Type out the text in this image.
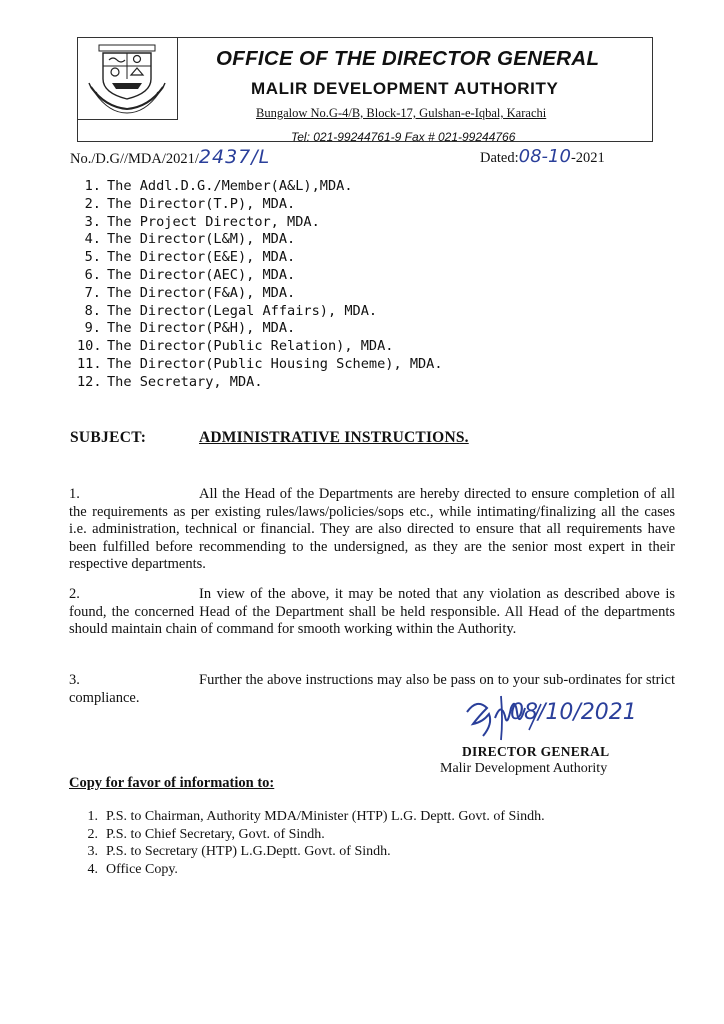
OFFICE OF THE DIRECTOR GENERAL
MALIR DEVELOPMENT AUTHORITY
Bungalow No.G-4/B, Block-17, Gulshan-e-Iqbal, Karachi
Tel: 021-99244761-9 Fax # 021-99244766
No./D.G//MDA/2021/2437/L	Dated:08-10-2021
1. The Addl.D.G./Member(A&L),MDA.
2. The Director(T.P), MDA.
3. The Project Director, MDA.
4. The Director(L&M), MDA.
5. The Director(E&E), MDA.
6. The Director(AEC), MDA.
7. The Director(F&A), MDA.
8. The Director(Legal Affairs), MDA.
9. The Director(P&H), MDA.
10. The Director(Public Relation), MDA.
11. The Director(Public Housing Scheme), MDA.
12. The Secretary, MDA.
SUBJECT:	ADMINISTRATIVE INSTRUCTIONS.
1.	All the Head of the Departments are hereby directed to ensure completion of all the requirements as per existing rules/laws/policies/sops etc., while intimating/finalizing all the cases i.e. administration, technical or financial. They are also directed to ensure that all requirements have been fulfilled before recommending to the undersigned, as they are the senior most expert in their respective departments.
2.	In view of the above, it may be noted that any violation as described above is found, the concerned Head of the Department shall be held responsible. All Head of the departments should maintain chain of command for smooth working within the Authority.
3.	Further the above instructions may also be pass on to your sub-ordinates for strict compliance.
08/10/2021
DIRECTOR GENERAL
Malir Development Authority
Copy for favor of information to:
1. P.S. to Chairman, Authority MDA/Minister (HTP) L.G. Deptt. Govt. of Sindh.
2. P.S. to Chief Secretary, Govt. of Sindh.
3. P.S. to Secretary (HTP) L.G.Deptt. Govt. of Sindh.
4. Office Copy.
